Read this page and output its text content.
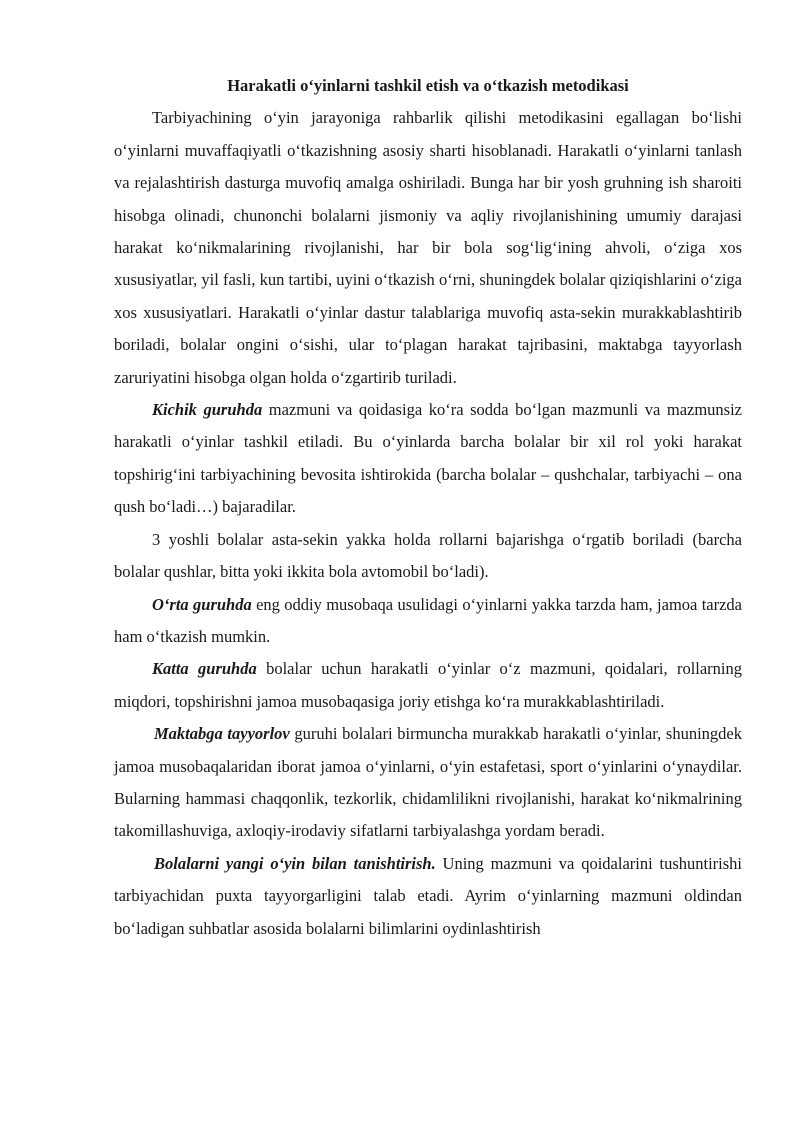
Harakatli o‘yinlarni tashkil etish va o‘tkazish metodikasi

Tarbiyachining o‘yin jarayoniga rahbarlik qilishi metodikasini egallagan bo‘lishi o‘yinlarni muvaffaqiyatli o‘tkazishning asosiy sharti hisoblanadi. Harakatli o‘yinlarni tanlash va rejalashtirish dasturga muvofiq amalga oshiriladi. Bunga har bir yosh gruhning ish sharoiti hisobga olinadi, chunonchi bolalarni jismoniy va aqliy rivojlanishining umumiy darajasi harakat ko‘nikmalarining rivojlanishi, har bir bola sog‘lig‘ining ahvoli, o‘ziga xos xususiyatlar, yil fasli, kun tartibi, uyini o‘tkazish o‘rni, shuningdek bolalar qiziqishlarini o‘ziga xos xususiyatlari. Harakatli o‘yinlar dastur talablariga muvofiq asta-sekin murakkablashtirib boriladi, bolalar ongini o‘sishi, ular to‘plagan harakat tajribasini, maktabga tayyorlash zaruriyatini hisobga olgan holda o‘zgartirib turiladi.

Kichik guruhda mazmuni va qoidasiga ko‘ra sodda bo‘lgan mazmunli va mazmunsiz harakatli o‘yinlar tashkil etiladi. Bu o‘yinlarda barcha bolalar bir xil rol yoki harakat topshirig‘ini tarbiyachining bevosita ishtirokida (barcha bolalar – qushchalar, tarbiyachi – ona qush bo‘ladi…) bajaradilar.

3 yoshli bolalar asta-sekin yakka holda rollarni bajarishga o‘rgatib boriladi (barcha bolalar qushlar, bitta yoki ikkita bola avtomobil bo‘ladi).

O‘rta guruhda eng oddiy musobaqa usulidagi o‘yinlarni yakka tarzda ham, jamoa tarzda ham o‘tkazish mumkin.

Katta guruhda bolalar uchun harakatli o‘yinlar o‘z mazmuni, qoidalari, rollarning miqdori, topshirishni jamoa musobaqasiga joriy etishga ko‘ra murakkablashtiriladi.

Maktabga tayyorlov guruhi bolalari birmuncha murakkab harakatli o‘yinlar, shuningdek jamoa musobaqalaridan iborat jamoa o‘yinlarni, o‘yin estafetasi, sport o‘yinlarini o‘ynaydilar. Bularning hammasi chaqqonlik, tezkorlik, chidamlilikni rivojlanishi, harakat ko‘nikmalrining takomillashuviga, axloqiy-irodaviy sifatlarni tarbiyalashga yordam beradi.

Bolalarni yangi o‘yin bilan tanishtirish. Uning mazmuni va qoidalarini tushuntirishi tarbiyachidan puxta tayyorgarligini talab etadi. Ayrim o‘yinlarning mazmuni oldindan bo‘ladigan suhbatlar asosida bolalarni bilimlarini oydinlashtirish
